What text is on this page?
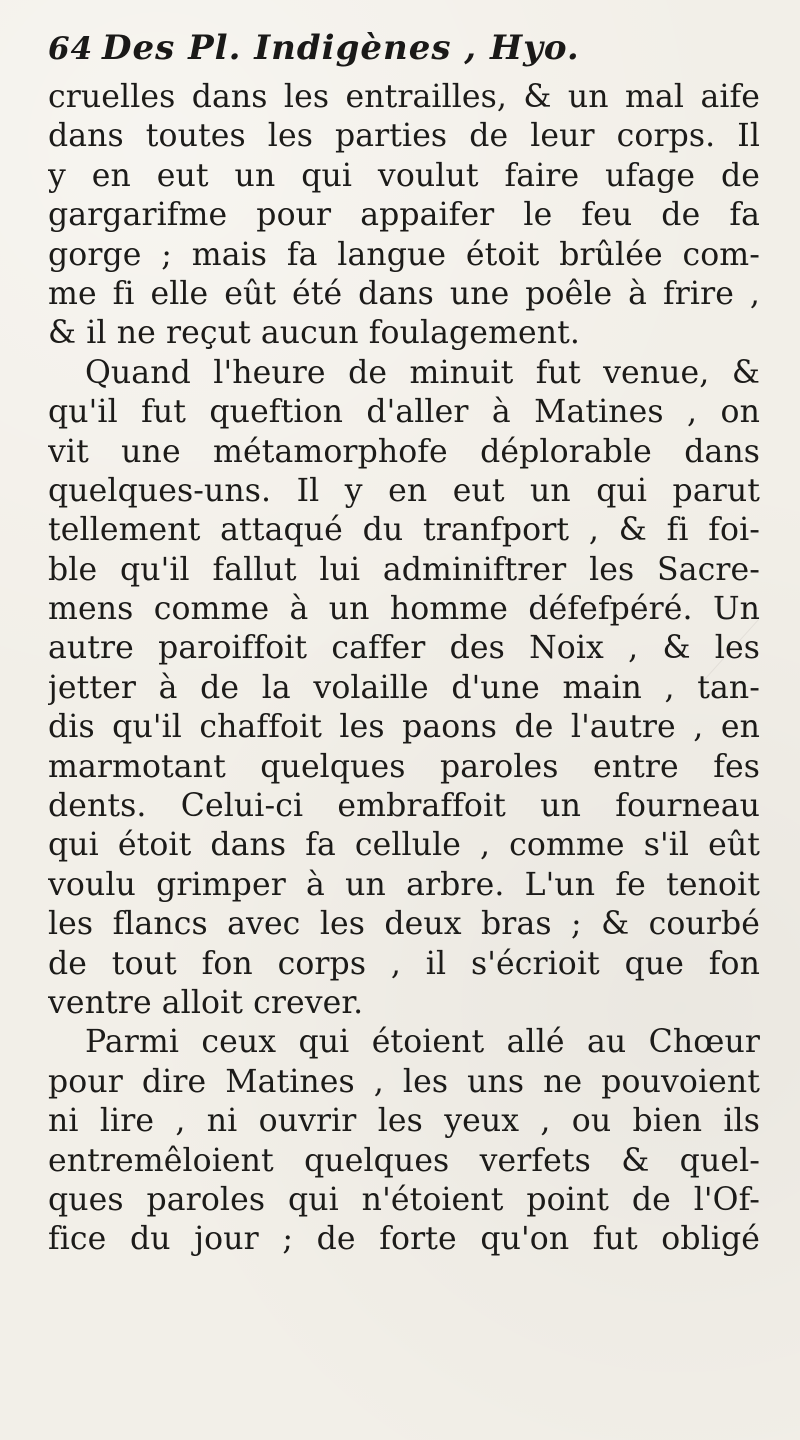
64 Des Pl. Indigènes , Hyo.
cruelles dans les entrailles, & un mal aife
dans toutes les parties de leur corps. Il
y en eut un qui voulut faire ufage de
gargarifme pour appaifer le feu de fa
gorge ; mais fa langue étoit brûlée com-
me fi elle eût été dans une poêle à frire ,
& il ne reçut aucun foulagement.
Quand l'heure de minuit fut venue, &
qu'il fut queftion d'aller à Matines , on
vit une métamorphofe déplorable dans
quelques-uns. Il y en eut un qui parut
tellement attaqué du tranfport , & fi foi-
ble qu'il fallut lui adminiftrer les Sacre-
mens comme à un homme défefpéré. Un
autre paroiffoit caffer des Noix , & les
jetter à de la volaille d'une main , tan-
dis qu'il chaffoit les paons de l'autre , en
marmotant quelques paroles entre fes
dents. Celui-ci embraffoit un fourneau
qui étoit dans fa cellule , comme s'il eût
voulu grimper à un arbre. L'un fe tenoit
les flancs avec les deux bras ; & courbé
de tout fon corps , il s'écrioit que fon
ventre alloit crever.
Parmi ceux qui étoient allé au Chœur
pour dire Matines , les uns ne pouvoient
ni lire , ni ouvrir les yeux , ou bien ils
entremêloient quelques verfets & quel-
ques paroles qui n'étoient point de l'Of-
fice du jour ; de forte qu'on fut obligé
